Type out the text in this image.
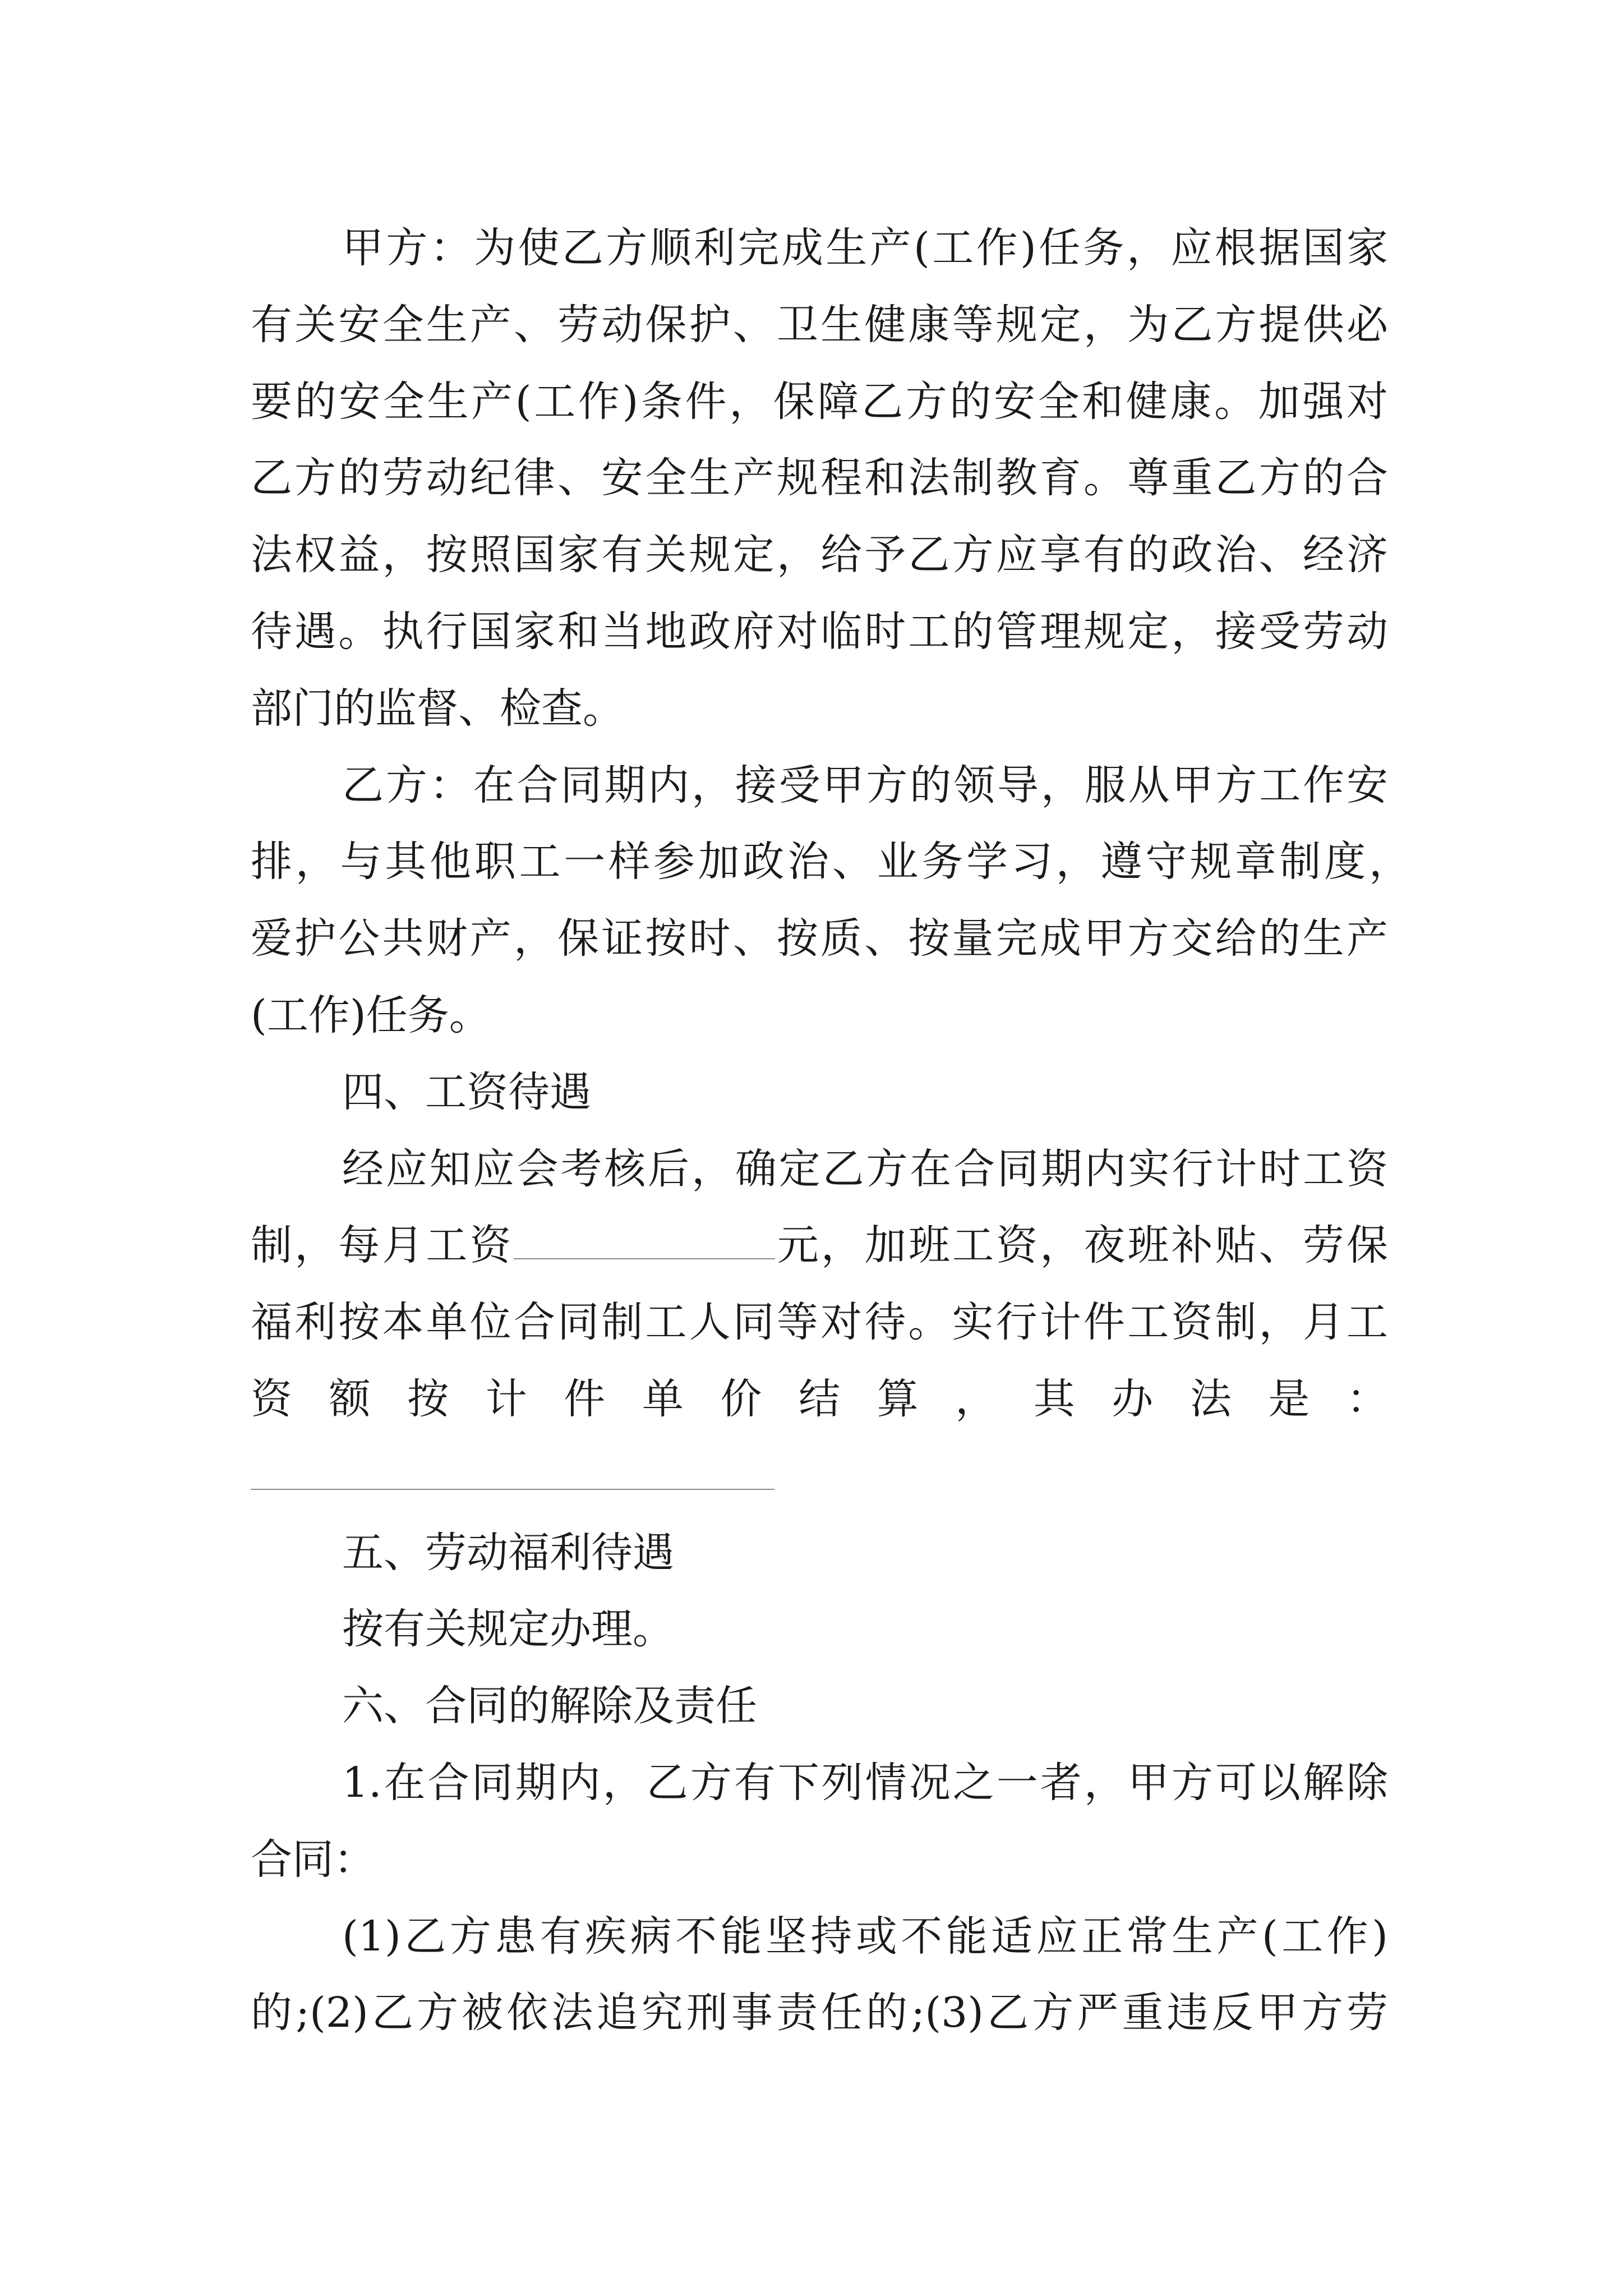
甲方：为使乙方顺利完成生产(工作)任务，应根据国家
有关安全生产、劳动保护、卫生健康等规定，为乙方提供必
要的安全生产(工作)条件，保障乙方的安全和健康。加强对
乙方的劳动纪律、安全生产规程和法制教育。尊重乙方的合
法权益，按照国家有关规定，给予乙方应享有的政治、经济
待遇。执行国家和当地政府对临时工的管理规定，接受劳动
部门的监督、检查。
乙方：在合同期内，接受甲方的领导，服从甲方工作安
排，与其他职工一样参加政治、业务学习，遵守规章制度，
爱护公共财产，保证按时、按质、按量完成甲方交给的生产
(工作)任务。
四、工资待遇
经应知应会考核后，确定乙方在合同期内实行计时工资
制，每月工资	元，加班工资，夜班补贴、劳保
福利按本单位合同制工人同等对待。实行计件工资制，月工
资额按计件单价结算，其办法是：
五、劳动福利待遇
按有关规定办理。
六、合同的解除及责任
1.在合同期内，乙方有下列情况之一者，甲方可以解除
合同：
(1)乙方患有疾病不能坚持或不能适应正常生产(工作)
的;(2)乙方被依法追究刑事责任的;(3)乙方严重违反甲方劳
